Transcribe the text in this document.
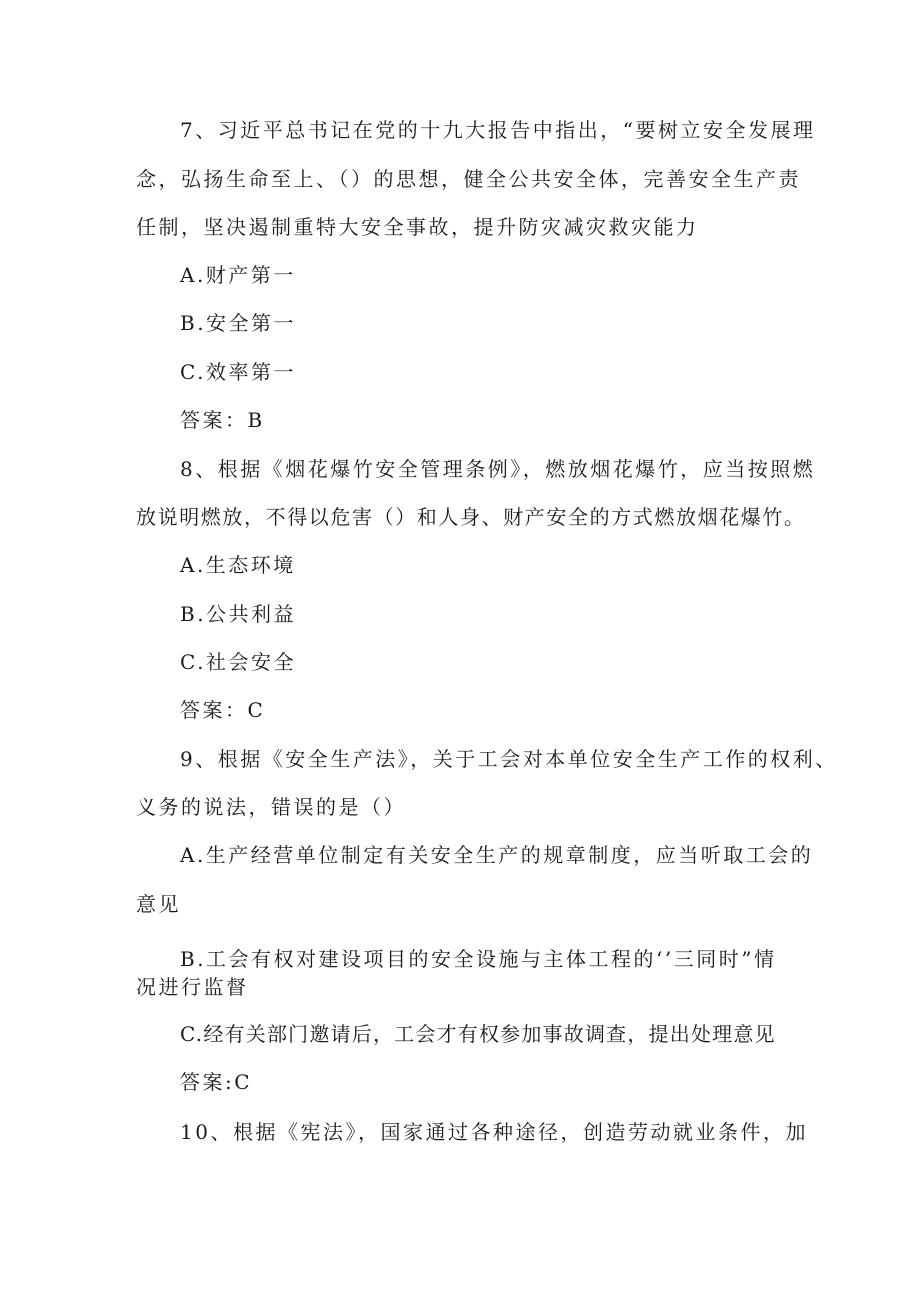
7、习近平总书记在党的十九大报告中指出，“要树立安全发展理
念，弘扬生命至上、（）的思想，健全公共安全体，完善安全生产责
任制，坚决遏制重特大安全事故，提升防灾减灾救灾能力
A.财产第一
B.安全第一
C.效率第一
答案：B
8、根据《烟花爆竹安全管理条例》，燃放烟花爆竹，应当按照燃
放说明燃放，不得以危害（）和人身、财产安全的方式燃放烟花爆竹。
A.生态环境
B.公共利益
C.社会安全
答案：C
9、根据《安全生产法》，关于工会对本单位安全生产工作的权利、
义务的说法，错误的是（）
A.生产经营单位制定有关安全生产的规章制度，应当听取工会的
意见
B.工会有权对建设项目的安全设施与主体工程的‘’三同时”情
况进行监督
C.经有关部门邀请后，工会才有权参加事故调查，提出处理意见
答案:C
10、根据《宪法》，国家通过各种途径，创造劳动就业条件，加
